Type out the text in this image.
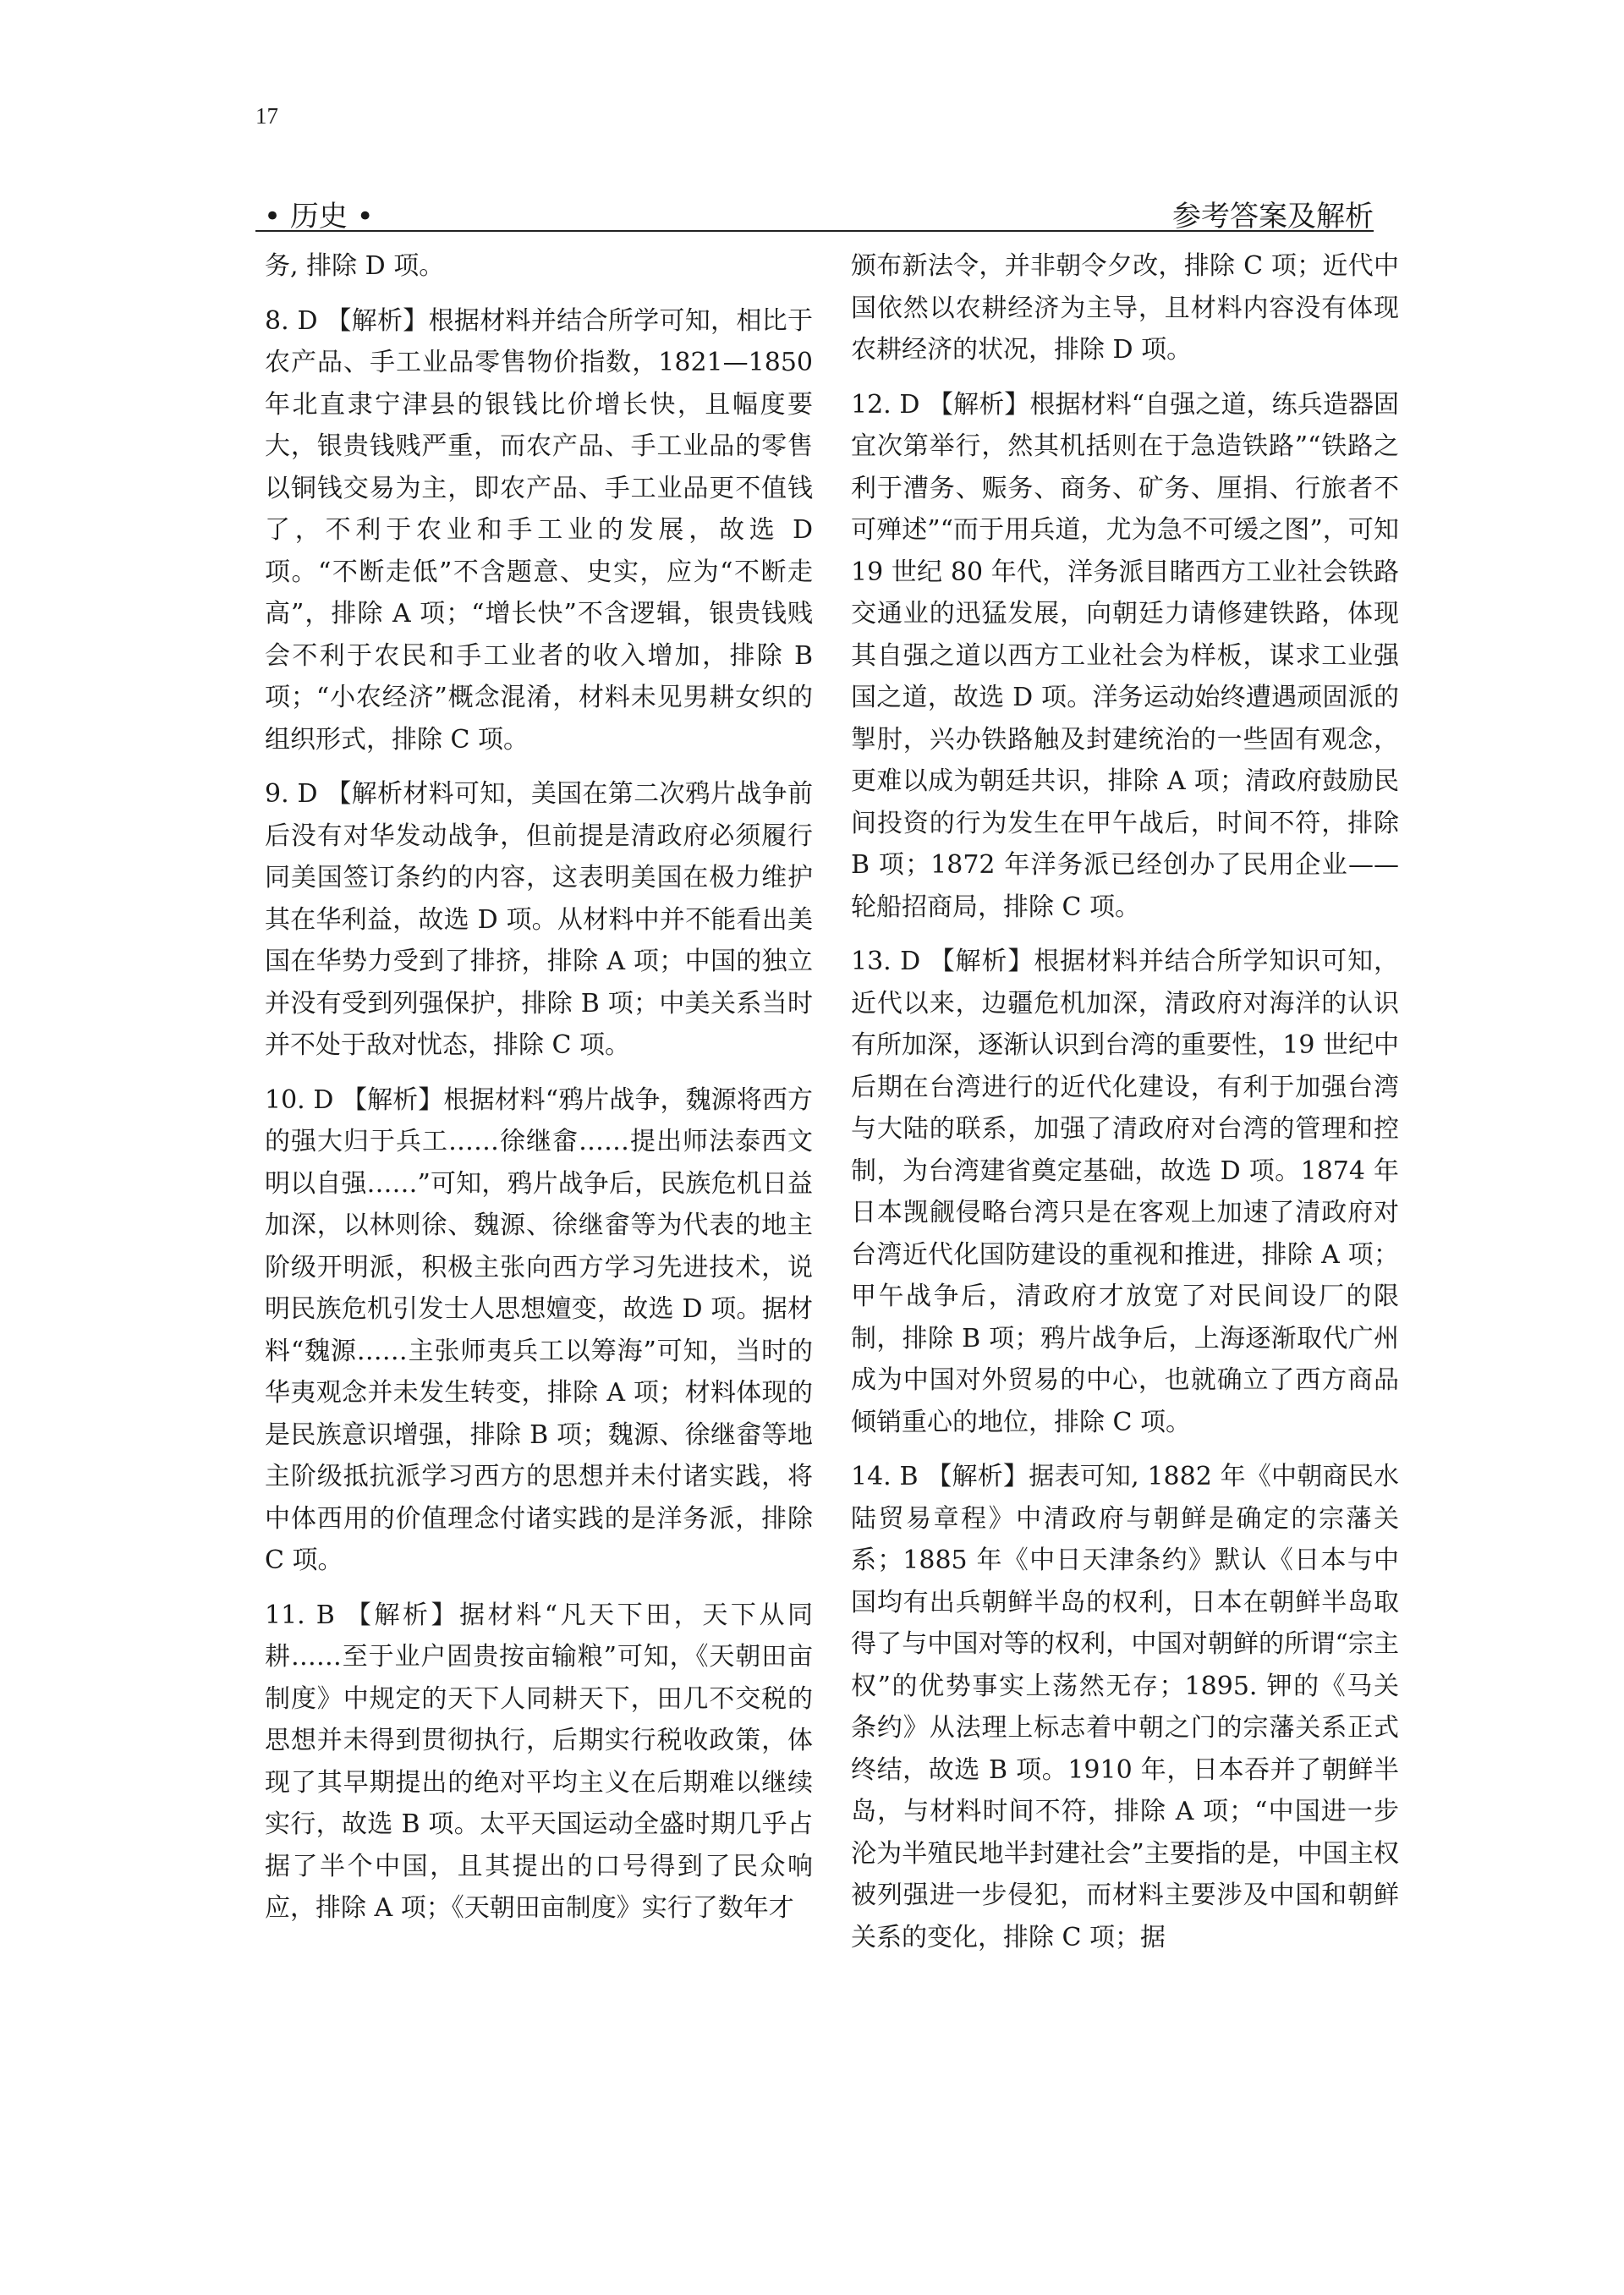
17
• 历史 •	参考答案及解析

务, 排除 D 项。

8. D 【解析】根据材料并结合所学可知，相比于农产品、手工业品零售物价指数，1821—1850 年北直隶宁津县的银钱比价增长快，且幅度要大，银贵钱贱严重，而农产品、手工业品的零售以铜钱交易为主，即农产品、手工业品更不值钱了，不利于农业和手工业的发展，故选 D 项。“不断走低”不含题意、史实，应为“不断走高”，排除 A 项；“增长快”不含逻辑，银贵钱贱会不利于农民和手工业者的收入增加，排除 B 项；“小农经济”概念混淆，材料未见男耕女织的组织形式，排除 C 项。

9. D 【解析材料可知，美国在第二次鸦片战争前后没有对华发动战争，但前提是清政府必须履行同美国签订条约的内容，这表明美国在极力维护其在华利益，故选 D 项。从材料中并不能看出美国在华势力受到了排挤，排除 A 项；中国的独立并没有受到列强保护，排除 B 项；中美关系当时并不处于敌对忧态，排除 C 项。

10. D 【解析】根据材料“鸦片战争，魏源将西方的强大归于兵工……徐继畲……提出师法泰西文明以自强……”可知，鸦片战争后，民族危机日益加深，以林则徐、魏源、徐继畲等为代表的地主阶级开明派，积极主张向西方学习先进技术，说明民族危机引发士人思想嬗变，故选 D 项。据材料“魏源……主张师夷兵工以筹海”可知，当时的华夷观念并未发生转变，排除 A 项；材料体现的是民族意识增强，排除 B 项；魏源、徐继畲等地主阶级抵抗派学习西方的思想并未付诸实践，将中体西用的价值理念付诸实践的是洋务派，排除 C 项。

11. B 【解析】据材料“凡天下田，天下从同耕……至于业户固贵按亩输粮”可知，《天朝田亩制度》中规定的天下人同耕天下，田几不交税的思想并未得到贯彻执行，后期实行税收政策，体现了其早期提出的绝对平均主义在后期难以继续实行，故选 B 项。太平天国运动全盛时期几乎占据了半个中国，且其提出的口号得到了民众响应，排除 A 项；《天朝田亩制度》实行了数年才

颁布新法令，并非朝令夕改，排除 C 项；近代中国依然以农耕经济为主导，且材料内容没有体现农耕经济的状况，排除 D 项。

12. D 【解析】根据材料“自强之道，练兵造器固宜次第举行，然其机括则在于急造铁路”“铁路之利于漕务、赈务、商务、矿务、厘捐、行旅者不可殚述”“而于用兵道，尤为急不可缓之图”，可知 19 世纪 80 年代，洋务派目睹西方工业社会铁路交通业的迅猛发展，向朝廷力请修建铁路，体现其自强之道以西方工业社会为样板，谋求工业强国之道，故选 D 项。洋务运动始终遭遇顽固派的掣肘，兴办铁路触及封建统治的一些固有观念，更难以成为朝廷共识，排除 A 项；清政府鼓励民间投资的行为发生在甲午战后，时间不符，排除 B 项；1872 年洋务派已经创办了民用企业——轮船招商局，排除 C 项。

13. D 【解析】根据材料并结合所学知识可知，近代以来，边疆危机加深，清政府对海洋的认识有所加深，逐渐认识到台湾的重要性，19 世纪中后期在台湾进行的近代化建设，有利于加强台湾与大陆的联系，加强了清政府对台湾的管理和控制，为台湾建省奠定基础，故选 D 项。1874 年日本觊觎侵略台湾只是在客观上加速了清政府对台湾近代化国防建设的重视和推进，排除 A 项；甲午战争后，清政府才放宽了对民间设厂的限制，排除 B 项；鸦片战争后，上海逐渐取代广州成为中国对外贸易的中心，也就确立了西方商品倾销重心的地位，排除 C 项。

14. B 【解析】据表可知, 1882 年《中朝商民水陆贸易章程》中清政府与朝鲜是确定的宗藩关系；1885 年《中日天津条约》默认《日本与中国均有出兵朝鲜半岛的权利，日本在朝鲜半岛取得了与中国对等的权利，中国对朝鲜的所谓“宗主权”的优势事实上荡然无存；1895. 钾的《马关条约》从法理上标志着中朝之门的宗藩关系正式终结，故选 B 项。1910 年，日本吞并了朝鲜半岛，与材料时间不符，排除 A 项；“中国进一步沦为半殖民地半封建社会”主要指的是，中国主权被列强进一步侵犯，而材料主要涉及中国和朝鲜关系的变化，排除 C 项；据
